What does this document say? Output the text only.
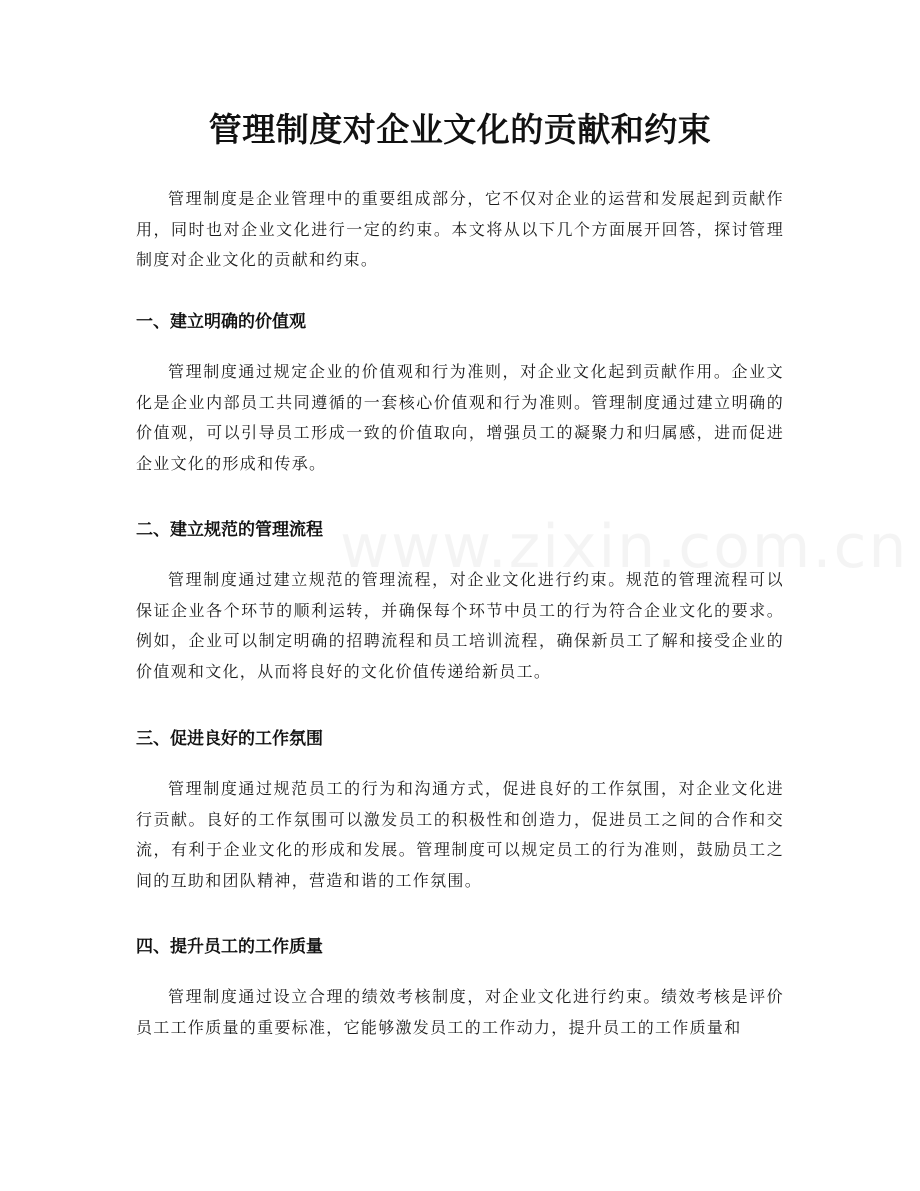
管理制度对企业文化的贡献和约束

管理制度是企业管理中的重要组成部分，它不仅对企业的运营和发展起到贡献作用，同时也对企业文化进行一定的约束。本文将从以下几个方面展开回答，探讨管理制度对企业文化的贡献和约束。

一、建立明确的价值观

管理制度通过规定企业的价值观和行为准则，对企业文化起到贡献作用。企业文化是企业内部员工共同遵循的一套核心价值观和行为准则。管理制度通过建立明确的价值观，可以引导员工形成一致的价值取向，增强员工的凝聚力和归属感，进而促进企业文化的形成和传承。

二、建立规范的管理流程

管理制度通过建立规范的管理流程，对企业文化进行约束。规范的管理流程可以保证企业各个环节的顺利运转，并确保每个环节中员工的行为符合企业文化的要求。例如，企业可以制定明确的招聘流程和员工培训流程，确保新员工了解和接受企业的价值观和文化，从而将良好的文化价值传递给新员工。

三、促进良好的工作氛围

管理制度通过规范员工的行为和沟通方式，促进良好的工作氛围，对企业文化进行贡献。良好的工作氛围可以激发员工的积极性和创造力，促进员工之间的合作和交流，有利于企业文化的形成和发展。管理制度可以规定员工的行为准则，鼓励员工之间的互助和团队精神，营造和谐的工作氛围。

四、提升员工的工作质量

管理制度通过设立合理的绩效考核制度，对企业文化进行约束。绩效考核是评价员工工作质量的重要标准，它能够激发员工的工作动力，提升员工的工作质量和
